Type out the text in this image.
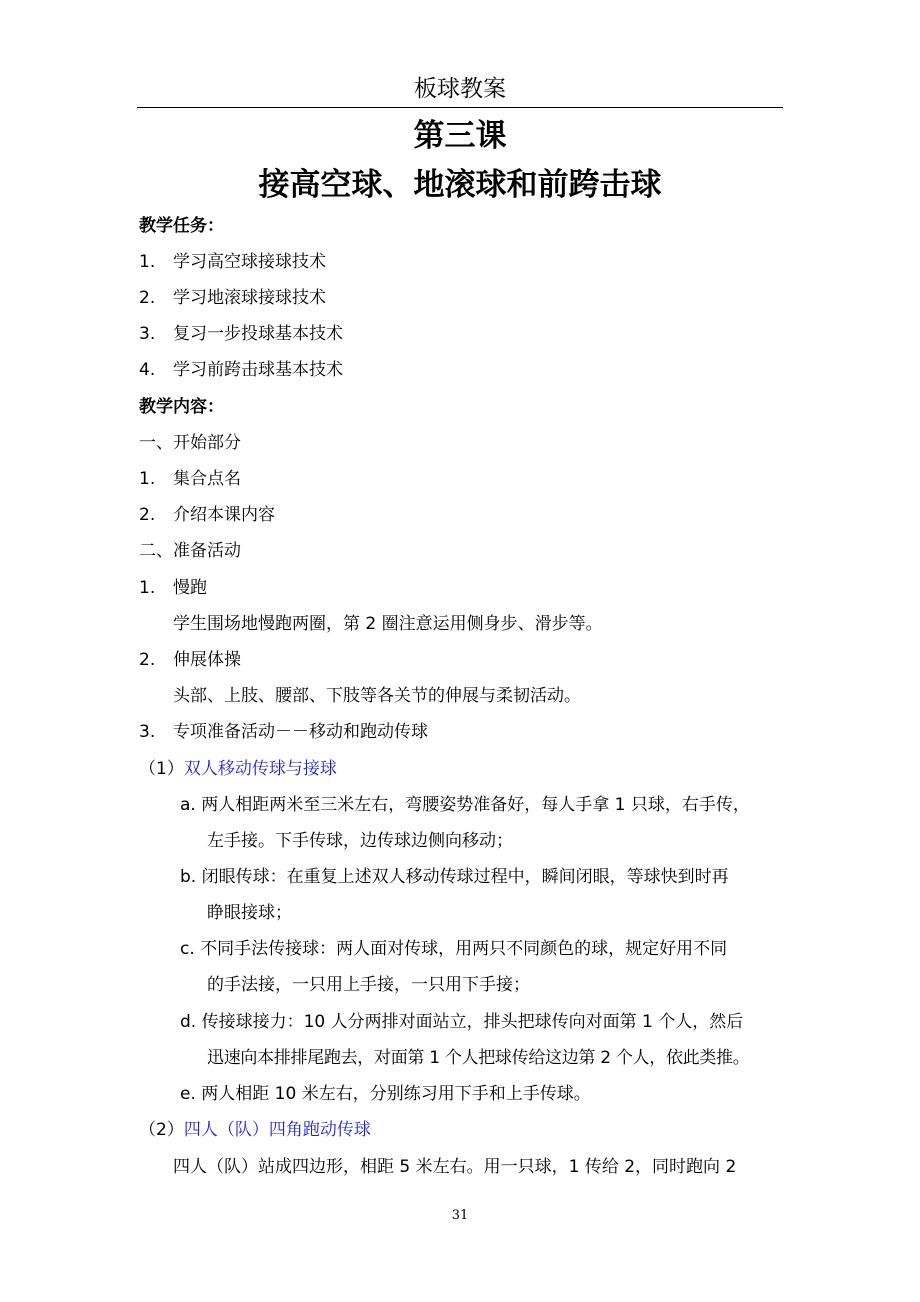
板球教案
第三课
接高空球、地滚球和前跨击球
教学任务：
1. 学习高空球接球技术
2. 学习地滚球接球技术
3. 复习一步投球基本技术
4. 学习前跨击球基本技术
教学内容：
一、开始部分
1. 集合点名
2. 介绍本课内容
二、准备活动
1. 慢跑
学生围场地慢跑两圈，第 2 圈注意运用侧身步、滑步等。
2. 伸展体操
头部、上肢、腰部、下肢等各关节的伸展与柔韧活动。
3. 专项准备活动－－移动和跑动传球
（1）双人移动传球与接球
a. 两人相距两米至三米左右，弯腰姿势准备好，每人手拿 1 只球，右手传，
左手接。下手传球，边传球边侧向移动；
b. 闭眼传球：在重复上述双人移动传球过程中，瞬间闭眼，等球快到时再
睁眼接球；
c. 不同手法传接球：两人面对传球，用两只不同颜色的球，规定好用不同
的手法接，一只用上手接，一只用下手接；
d. 传接球接力：10 人分两排对面站立，排头把球传向对面第 1 个人，然后
迅速向本排排尾跑去，对面第 1 个人把球传给这边第 2 个人，依此类推。
e. 两人相距 10 米左右，分别练习用下手和上手传球。
（2）四人（队）四角跑动传球
四人（队）站成四边形，相距 5 米左右。用一只球，1 传给 2，同时跑向 2
31
